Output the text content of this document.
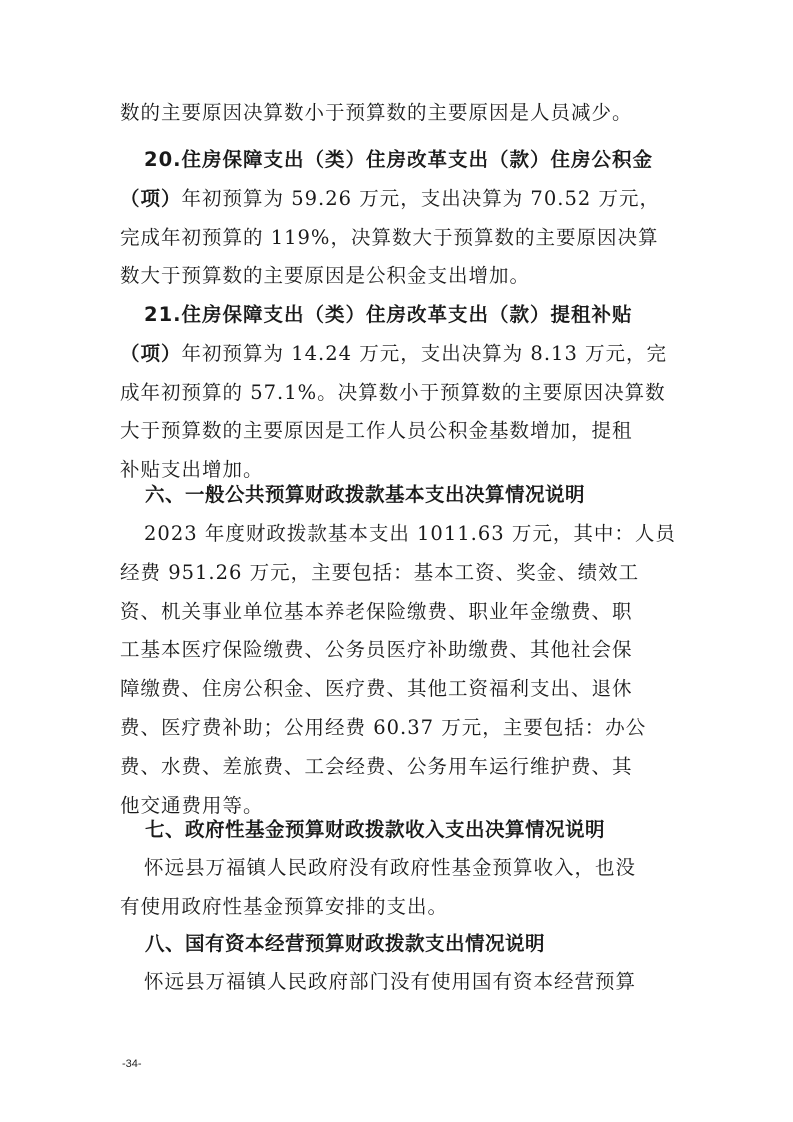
数的主要原因决算数小于预算数的主要原因是人员减少。
20.住房保障支出（类）住房改革支出（款）住房公积金
（项）年初预算为 59.26 万元，支出决算为 70.52 万元，
完成年初预算的 119%，决算数大于预算数的主要原因决算
数大于预算数的主要原因是公积金支出增加。
21.住房保障支出（类）住房改革支出（款）提租补贴
（项）年初预算为 14.24 万元，支出决算为 8.13 万元，完
成年初预算的 57.1%。决算数小于预算数的主要原因决算数
大于预算数的主要原因是工作人员公积金基数增加，提租
补贴支出增加。
六、一般公共预算财政拨款基本支出决算情况说明
2023 年度财政拨款基本支出 1011.63 万元，其中：人员
经费 951.26 万元，主要包括：基本工资、奖金、绩效工
资、机关事业单位基本养老保险缴费、职业年金缴费、职
工基本医疗保险缴费、公务员医疗补助缴费、其他社会保
障缴费、住房公积金、医疗费、其他工资福利支出、退休
费、医疗费补助；公用经费 60.37 万元，主要包括：办公
费、水费、差旅费、工会经费、公务用车运行维护费、其
他交通费用等。
七、政府性基金预算财政拨款收入支出决算情况说明
怀远县万福镇人民政府没有政府性基金预算收入，也没
有使用政府性基金预算安排的支出。
八、国有资本经营预算财政拨款支出情况说明
怀远县万福镇人民政府部门没有使用国有资本经营预算
-34-
